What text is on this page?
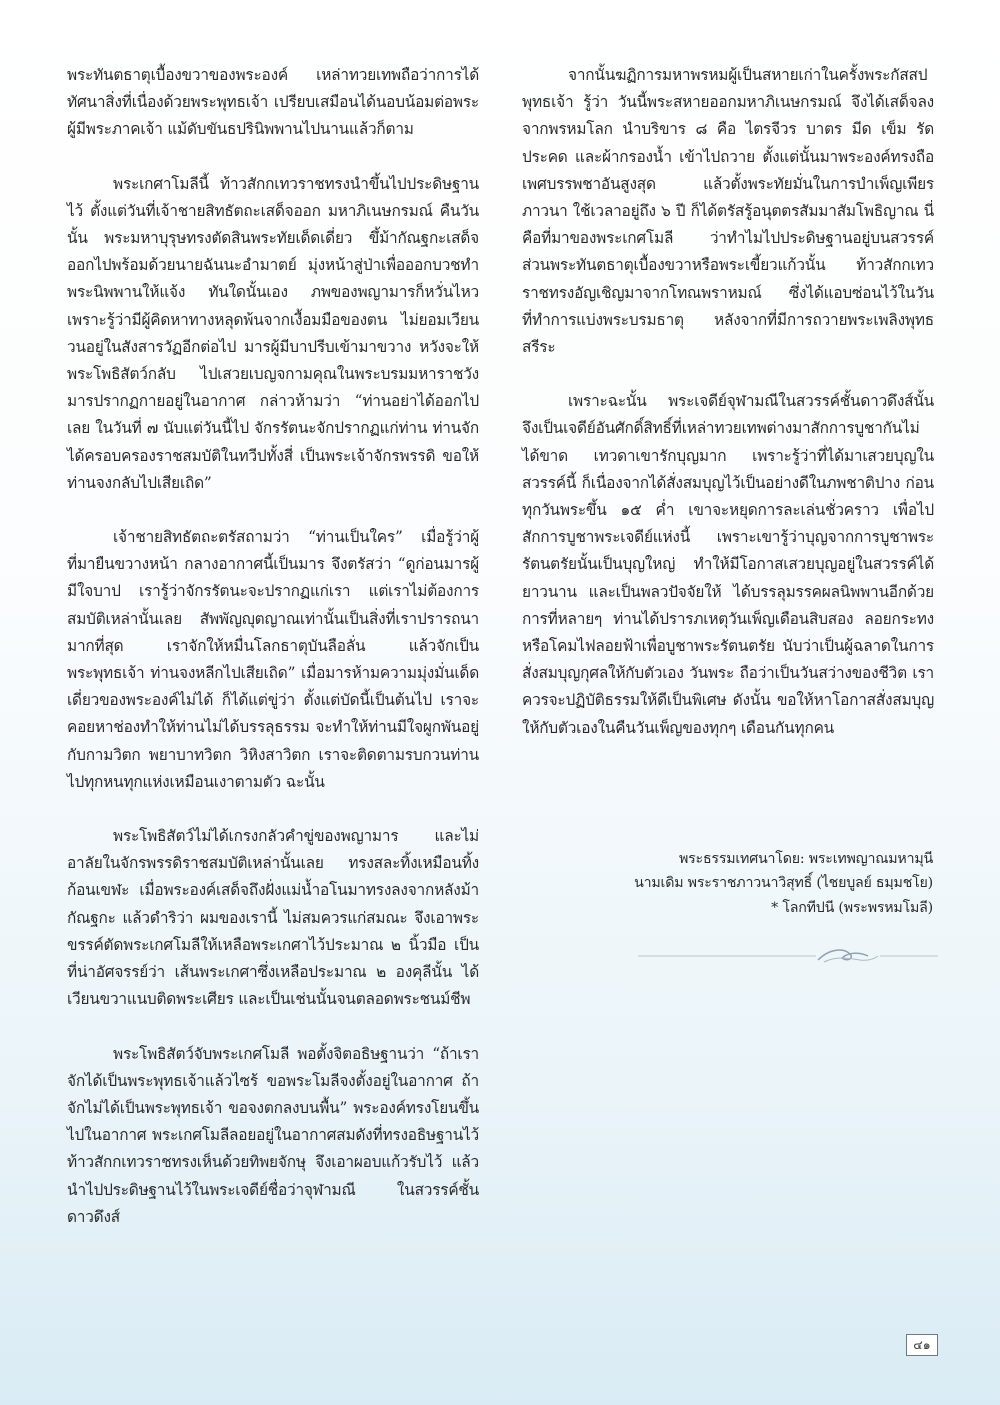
พระทันตธาตุเบื้องขวาของพระองค์ เหล่าทวยเทพถือว่าการได้ทัศนาสิ่งที่เนื่องด้วยพระพุทธเจ้า เปรียบเสมือนได้นอบน้อมต่อพระผู้มีพระภาคเจ้า แม้ดับขันธปรินิพพานไปนานแล้วก็ตาม

พระเกศาโมลีนี้ ท้าวสักกเทวราชทรงนำขึ้นไปประดิษฐานไว้ ตั้งแต่วันที่เจ้าชายสิทธัตถะเสด็จออก มหาภิเนษกรมณ์ คืนวันนั้น พระมหาบุรุษทรงตัดสินพระทัยเด็ดเดี่ยว ขึ้ม้ากัณฐกะเสด็จ ออกไปพร้อมด้วยนายฉันนะอำมาตย์ มุ่งหน้าสู่ป่าเพื่อออกบวชทำพระนิพพานให้แจ้ง ทันใดนั้นเอง ภพของพญามารก็หวั่นไหว เพราะรู้ว่ามีผู้คิดหาทางหลุดพ้นจากเงื้อมมือของตน ไม่ยอมเวียนวนอยู่ในสังสารวัฏอีกต่อไป มารผู้มีบาปรีบเข้ามาขวาง หวังจะให้พระโพธิสัตว์กลับ ไปเสวยเบญจกามคุณในพระบรมมหาราชวัง มารปรากฏกายอยู่ในอากาศ กล่าวห้ามว่า “ท่านอย่าได้ออกไปเลย ในวันที่ ๗ นับแต่วันนี้ไป จักรรัตนะจักปรากฏแก่ท่าน ท่านจักได้ครอบครองราชสมบัติในทวีปทั้งสี่ เป็นพระเจ้าจักรพรรดิ ขอให้ท่านจงกลับไปเสียเถิด”

เจ้าชายสิทธัตถะตรัสถามว่า “ท่านเป็นใคร” เมื่อรู้ว่าผู้ที่มายืนขวางหน้า กลางอากาศนี้เป็นมาร จึงตรัสว่า “ดูก่อนมารผู้มีใจบาป เรารู้ว่าจักรรัตนะจะปรากฏแก่เรา แต่เราไม่ต้องการสมบัติเหล่านั้นเลย สัพพัญญุตญาณเท่านั้นเป็นสิ่งที่เราปรารถนามากที่สุด เราจักให้หมื่นโลกธาตุบันลือลั่น แล้วจักเป็นพระพุทธเจ้า ท่านจงหลีกไปเสียเถิด” เมื่อมารห้ามความมุ่งมั่นเด็ดเดี่ยวของพระองค์ไม่ได้ ก็ได้แต่ขู่ว่า ตั้งแต่บัดนี้เป็นต้นไป เราจะคอยหาช่องทำให้ท่านไม่ได้บรรลุธรรม จะทำให้ท่านมีใจผูกพันอยู่กับกามวิตก พยาบาทวิตก วิหิงสาวิตก เราจะติดตามรบกวนท่านไปทุกหนทุกแห่งเหมือนเงาตามตัว ฉะนั้น

พระโพธิสัตว์ไม่ได้เกรงกลัวคำขู่ของพญามาร และไม่อาลัยในจักรพรรดิราชสมบัติเหล่านั้นเลย ทรงสละทิ้งเหมือนทิ้งก้อนเขฬะ เมื่อพระองค์เสด็จถึงฝั่งแม่น้ำอโนมาทรงลงจากหลังม้ากัณฐกะ แล้วดำริว่า ผมของเรานี้ ไม่สมควรแก่สมณะ จึงเอาพระขรรค์ตัดพระเกศโมลีให้เหลือพระเกศาไว้ประมาณ ๒ นิ้วมือ เป็นที่น่าอัศจรรย์ว่า เส้นพระเกศาซึ่งเหลือประมาณ ๒ องคุลีนั้น ได้เวียนขวาแนบติดพระเศียร และเป็นเช่นนั้นจนตลอดพระชนม์ชีพ

พระโพธิสัตว์จับพระเกศโมลี พอตั้งจิตอธิษฐานว่า “ถ้าเราจักได้เป็นพระพุทธเจ้าแล้วไซร้ ขอพระโมลีจงตั้งอยู่ในอากาศ ถ้าจักไม่ได้เป็นพระพุทธเจ้า ขอจงตกลงบนพื้น” พระองค์ทรงโยนขึ้นไปในอากาศ พระเกศโมลีลอยอยู่ในอากาศสมดังที่ทรงอธิษฐานไว้ ท้าวสักกเทวราชทรงเห็นด้วยทิพยจักษุ จึงเอาผอบแก้วรับไว้ แล้วนำไปประดิษฐานไว้ในพระเจดีย์ชื่อว่าจุฬามณี ในสวรรค์ชั้นดาวดึงส์

จากนั้นฆฏิการมหาพรหมผู้เป็นสหายเก่าในครั้งพระกัสสปพุทธเจ้า รู้ว่า วันนี้พระสหายออกมหาภิเนษกรมณ์ จึงได้เสด็จลงจากพรหมโลก นำบริขาร ๘ คือ ไตรจีวร บาตร มีด เข็ม รัดประคด และผ้ากรองน้ำ เข้าไปถวาย ตั้งแต่นั้นมาพระองค์ทรงถือเพศบรรพชาอันสูงสุด แล้วตั้งพระทัยมั่นในการบำเพ็ญเพียรภาวนา ใช้เวลาอยู่ถึง ๖ ปี ก็ได้ตรัสรู้อนุตตรสัมมาสัมโพธิญาณ นี่คือที่มาของพระเกศโมลี ว่าทำไมไปประดิษฐานอยู่บนสวรรค์ ส่วนพระทันตธาตุเบื้องขวาหรือพระเขี้ยวแก้วนั้น ท้าวสักกเทวราชทรงอัญเชิญมาจากโทณพราหมณ์ ซึ่งได้แอบซ่อนไว้ในวันที่ทำการแบ่งพระบรมธาตุ หลังจากที่มีการถวายพระเพลิงพุทธสรีระ

เพราะฉะนั้น พระเจดีย์จุฬามณีในสวรรค์ชั้นดาวดึงส์นั้น จึงเป็นเจดีย์อันศักดิ์สิทธิ์ที่เหล่าทวยเทพต่างมาสักการบูชากันไม่ได้ขาด เทวดาเขารักบุญมาก เพราะรู้ว่าที่ได้มาเสวยบุญในสวรรค์นี้ ก็เนื่องจากได้สั่งสมบุญไว้เป็นอย่างดีในภพชาติปาง ก่อน ทุกวันพระขึ้น ๑๕ ค่ำ เขาจะหยุดการละเล่นชั่วคราว เพื่อไปสักการบูชาพระเจดีย์แห่งนี้ เพราะเขารู้ว่าบุญจากการบูชาพระรัตนตรัยนั้นเป็นบุญใหญ่ ทำให้มีโอกาสเสวยบุญอยู่ในสวรรค์ได้ยาวนาน และเป็นพลวปัจจัยให้ ได้บรรลุมรรคผลนิพพานอีกด้วย การที่หลายๆ ท่านได้ปรารภเหตุวันเพ็ญเดือนสิบสอง ลอยกระทงหรือโคมไฟลอยฟ้าเพื่อบูชาพระรัตนตรัย นับว่าเป็นผู้ฉลาดในการสั่งสมบุญกุศลให้กับตัวเอง วันพระ ถือว่าเป็นวันสว่างของชีวิต เราควรจะปฏิบัติธรรมให้ดีเป็นพิเศษ ดังนั้น ขอให้หาโอกาสสั่งสมบุญให้กับตัวเองในคืนวันเพ็ญของทุกๆ เดือนกันทุกคน

พระธรรมเทศนาโดย: พระเทพญาณมหามุนี
นามเดิม พระราชภาวนาวิสุทธิ์ (ไชยบูลย์ ธมฺมชโย)
* โลกทีปนี (พระพรหมโมลี)
๔๑
